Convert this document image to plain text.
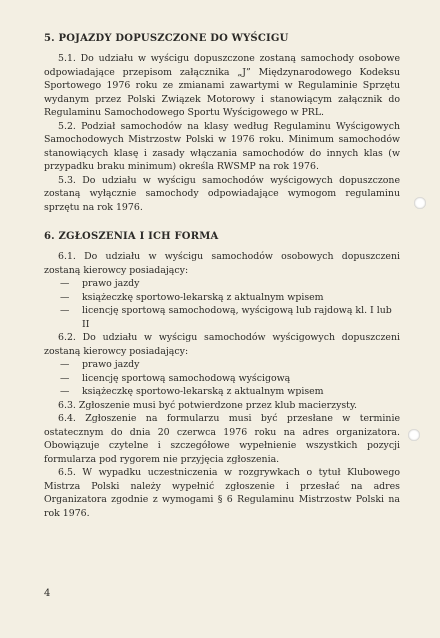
5. POJAZDY DOPUSZCZONE DO WYŚCIGU

5.1. Do udziału w wyścigu dopuszczone zostaną samochody osobowe odpowiadające przepisom załącznika „J” Międzynarodowego Kodeksu Sportowego 1976 roku ze zmianami zawartymi w Regulaminie Sprzętu wydanym przez Polski Związek Motorowy i stanowiącym załącznik do Regulaminu Samochodowego Sportu Wyścigowego w PRL.

5.2. Podział samochodów na klasy według Regulaminu Wyścigowych Samochodowych Mistrzostw Polski w 1976 roku. Minimum samochodów stanowiących klasę i zasady włączania samochodów do innych klas (w przypadku braku minimum) określa RWSMP na rok 1976.

5.3. Do udziału w wyścigu samochodów wyścigowych dopuszczone zostaną wyłącznie samochody odpowiadające wymogom regulaminu sprzętu na rok 1976.

6. ZGŁOSZENIA I ICH FORMA

6.1. Do udziału w wyścigu samochodów osobowych dopuszczeni zostaną kierowcy posiadający:

— prawo jazdy
— książeczkę sportowo-lekarską z aktualnym wpisem
— licencję sportową samochodową, wyścigową lub rajdową kl. I lub II

6.2. Do udziału w wyścigu samochodów wyścigowych dopuszczeni zostaną kierowcy posiadający:

— prawo jazdy
— licencję sportową samochodową wyścigową
— książeczkę sportowo-lekarską z aktualnym wpisem

6.3. Zgłoszenie musi być potwierdzone przez klub macierzysty.

6.4. Zgłoszenie na formularzu musi być przesłane w terminie ostatecznym do dnia 20 czerwca 1976 roku na adres organizatora. Obowiązuje czytelne i szczegółowe wypełnienie wszystkich pozycji formularza pod rygorem nie przyjęcia zgłoszenia.

6.5. W wypadku uczestniczenia w rozgrywkach o tytuł Klubowego Mistrza Polski należy wypełnić zgłoszenie i przesłać na adres Organizatora zgodnie z wymogami § 6 Regulaminu Mistrzostw Polski na rok 1976.

4
